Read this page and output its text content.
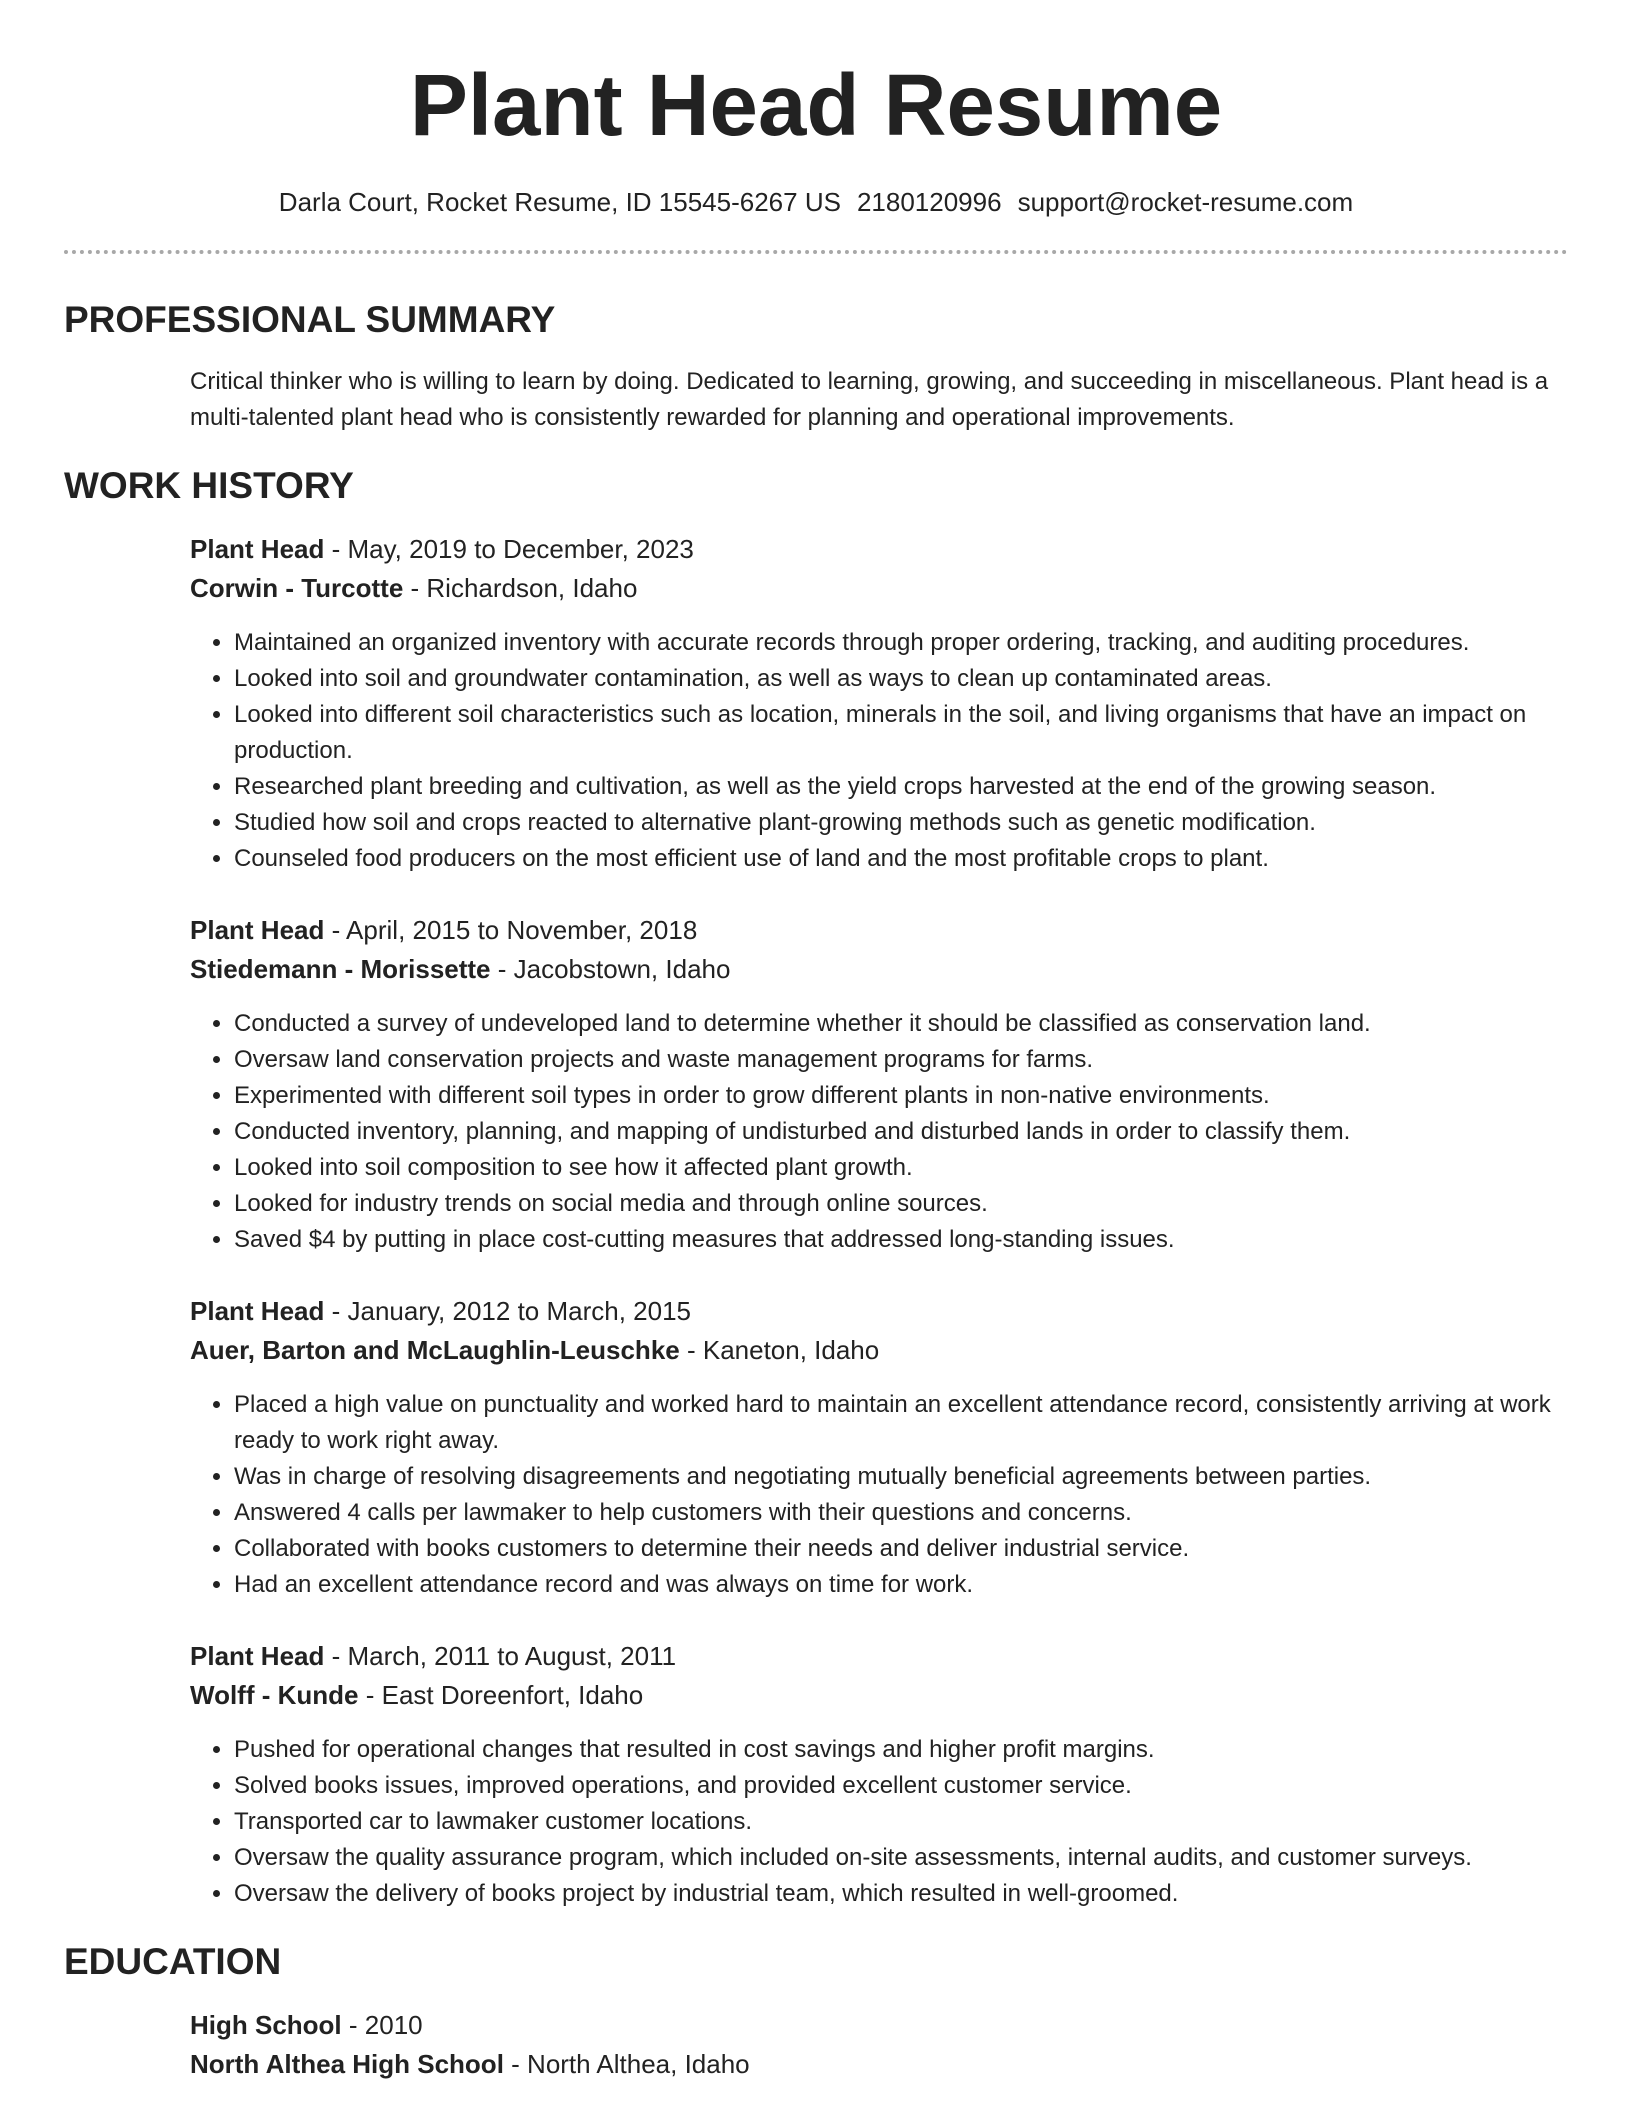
Plant Head Resume
Darla Court, Rocket Resume, ID 15545-6267 US 2180120996 support@rocket-resume.com
PROFESSIONAL SUMMARY

Critical thinker who is willing to learn by doing. Dedicated to learning, growing, and succeeding in miscellaneous. Plant head is a multi-talented plant head who is consistently rewarded for planning and operational improvements.

WORK HISTORY
Plant Head - May, 2019 to December, 2023
Corwin - Turcotte - Richardson, Idaho
• Maintained an organized inventory with accurate records through proper ordering, tracking, and auditing procedures.
• Looked into soil and groundwater contamination, as well as ways to clean up contaminated areas.
• Looked into different soil characteristics such as location, minerals in the soil, and living organisms that have an impact on production.
• Researched plant breeding and cultivation, as well as the yield crops harvested at the end of the growing season.
• Studied how soil and crops reacted to alternative plant-growing methods such as genetic modification.
• Counseled food producers on the most efficient use of land and the most profitable crops to plant.
Plant Head - April, 2015 to November, 2018
Stiedemann - Morissette - Jacobstown, Idaho
• Conducted a survey of undeveloped land to determine whether it should be classified as conservation land.
• Oversaw land conservation projects and waste management programs for farms.
• Experimented with different soil types in order to grow different plants in non-native environments.
• Conducted inventory, planning, and mapping of undisturbed and disturbed lands in order to classify them.
• Looked into soil composition to see how it affected plant growth.
• Looked for industry trends on social media and through online sources.
• Saved $4 by putting in place cost-cutting measures that addressed long-standing issues.
Plant Head - January, 2012 to March, 2015
Auer, Barton and McLaughlin-Leuschke - Kaneton, Idaho
• Placed a high value on punctuality and worked hard to maintain an excellent attendance record, consistently arriving at work ready to work right away.
• Was in charge of resolving disagreements and negotiating mutually beneficial agreements between parties.
• Answered 4 calls per lawmaker to help customers with their questions and concerns.
• Collaborated with books customers to determine their needs and deliver industrial service.
• Had an excellent attendance record and was always on time for work.
Plant Head - March, 2011 to August, 2011
Wolff - Kunde - East Doreenfort, Idaho
• Pushed for operational changes that resulted in cost savings and higher profit margins.
• Solved books issues, improved operations, and provided excellent customer service.
• Transported car to lawmaker customer locations.
• Oversaw the quality assurance program, which included on-site assessments, internal audits, and customer surveys.
• Oversaw the delivery of books project by industrial team, which resulted in well-groomed.
EDUCATION
High School - 2010
North Althea High School - North Althea, Idaho
